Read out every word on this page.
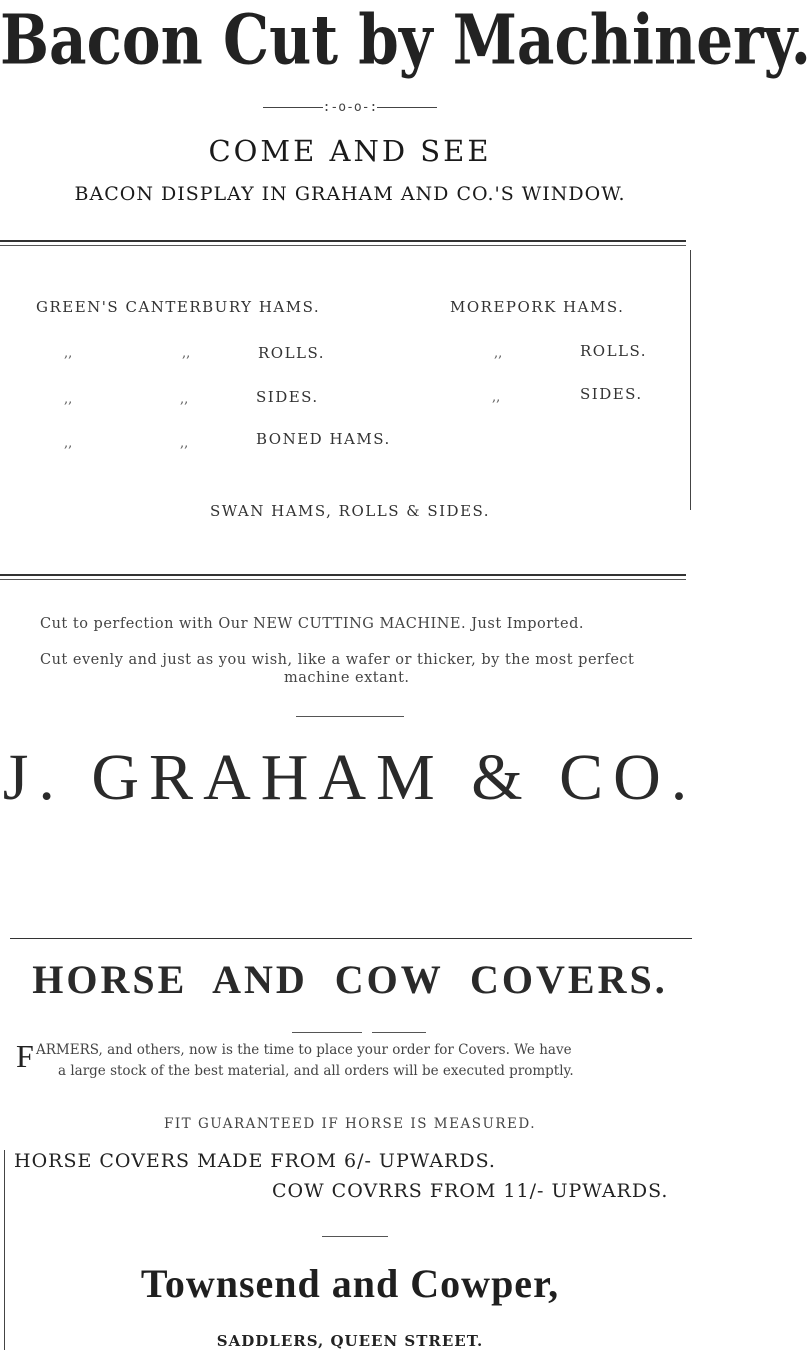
Bacon Cut by Machinery.
:-o-o-:
COME AND SEE
BACON DISPLAY IN GRAHAM AND CO.'S WINDOW.
GREEN'S CANTERBURY HAMS.	MOREPORK HAMS.
,,	,,	ROLLS.	,,	ROLLS.
,,	,,	SIDES.	,,	SIDES.
,,	,,	BONED HAMS.
SWAN HAMS, ROLLS & SIDES.
Cut to perfection with Our NEW CUTTING MACHINE. Just Imported.
Cut evenly and just as you wish, like a wafer or thicker, by the most perfect
machine extant.
J. GRAHAM & CO.
HORSE AND COW COVERS.
F ARMERS, and others, now is the time to place your order for Covers. We have
a large stock of the best material, and all orders will be executed promptly.
FIT GUARANTEED IF HORSE IS MEASURED.
HORSE COVERS MADE FROM 6/- UPWARDS.
COW COVRRS FROM 11/- UPWARDS.
Townsend and Cowper,
SADDLERS, QUEEN STREET.
